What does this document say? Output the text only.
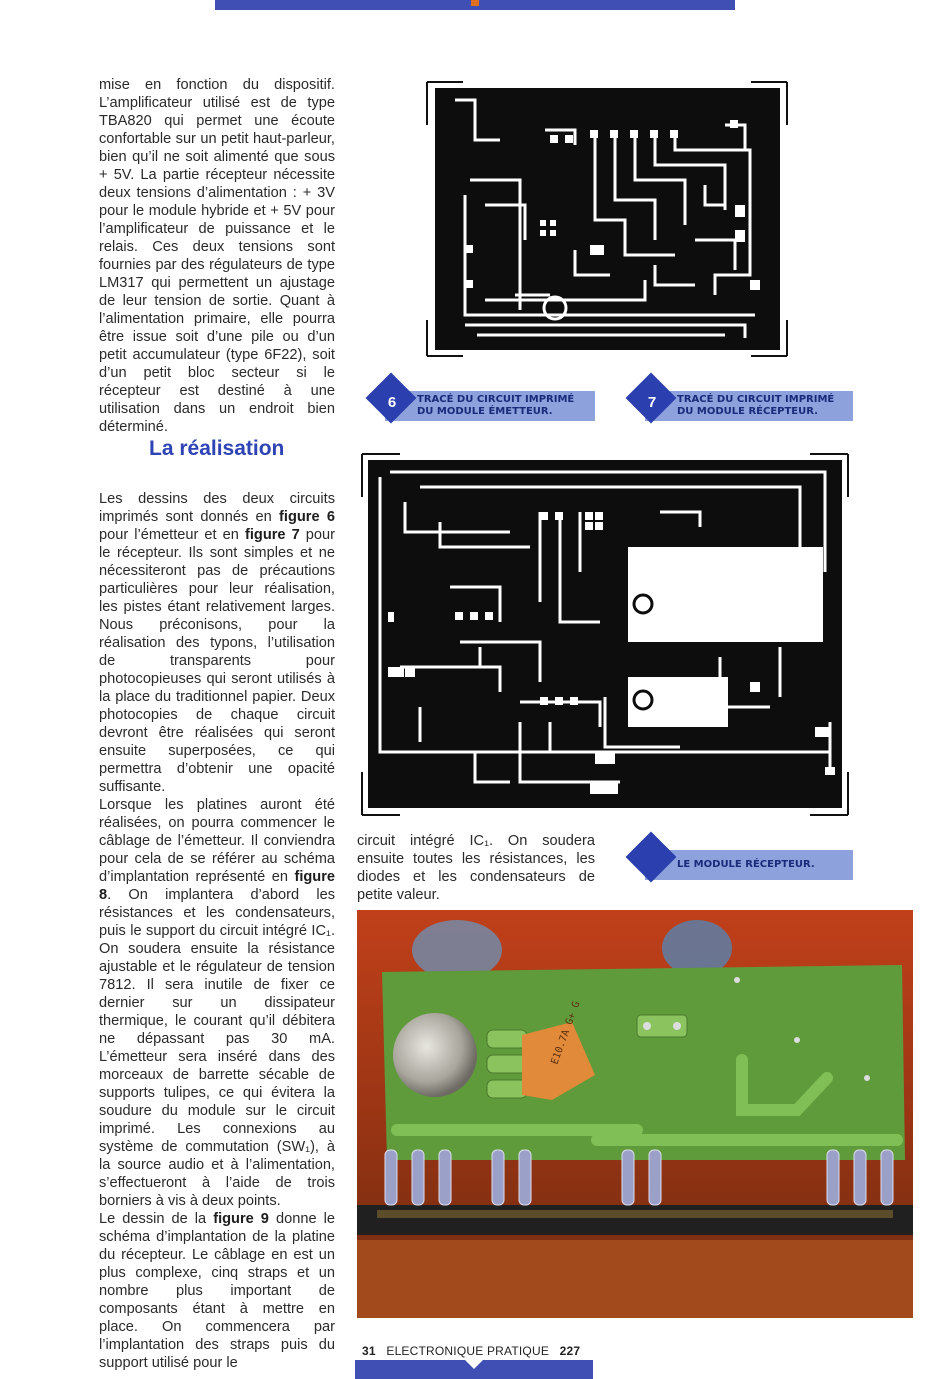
mise en fonction du dispositif. L’amplificateur utilisé est de type TBA820 qui permet une écoute confortable sur un petit haut-parleur, bien qu’il ne soit alimenté que sous + 5V. La partie récepteur nécessite deux tensions d’alimentation : + 3V pour le module hybride et + 5V pour l’amplificateur de puissance et le relais. Ces deux tensions sont fournies par des régulateurs de type LM317 qui permettent un ajustage de leur tension de sortie. Quant à l’alimentation primaire, elle pourra être issue soit d’une pile ou d’un petit accumulateur (type 6F22), soit d’un petit bloc secteur si le récepteur est destiné à une utilisation dans un endroit bien déterminé.

La réalisation

Les dessins des deux circuits imprimés sont donnés en figure 6 pour l’émetteur et en figure 7 pour le récepteur. Ils sont simples et ne nécessiteront pas de précautions particulières pour leur réalisation, les pistes étant relativement larges. Nous préconisons, pour la réalisation des typons, l’utilisation de transparents pour photocopieuses qui seront utilisés à la place du traditionnel papier. Deux photocopies de chaque circuit devront être réalisées qui seront ensuite superposées, ce qui permettra d’obtenir une opacité suffisante.

Lorsque les platines auront été réalisées, on pourra commencer le câblage de l’émetteur. Il conviendra pour cela de se référer au schéma d’implantation représenté en figure 8. On implantera d’abord les résistances et les condensateurs, puis le support du circuit intégré IC₁. On soudera ensuite la résistance ajustable et le régulateur de tension 7812. Il sera inutile de fixer ce dernier sur un dissipateur thermique, le courant qu’il débitera ne dépassant pas 30 mA. L’émetteur sera inséré dans des morceaux de barrette sécable de supports tulipes, ce qui évitera la soudure du module sur le circuit imprimé. Les connexions au système de commutation (SW₁), à la source audio et à l’alimentation, s’effectueront à l’aide de trois borniers à vis à deux points.

Le dessin de la figure 9 donne le schéma d’implantation de la platine du récepteur. Le câblage en est un plus complexe, cinq straps et un nombre plus important de composants étant à mettre en place. On commencera par l’implantation des straps puis du support utilisé pour le

circuit intégré IC₁. On soudera ensuite toutes les résistances, les diodes et les condensateurs de petite valeur.

6	TRACÉ DU CIRCUIT IMPRIMÉ
DU MODULE ÉMETTEUR.
7	TRACÉ DU CIRCUIT IMPRIMÉ
DU MODULE RÉCEPTEUR.
LE MODULE RÉCEPTEUR.
E10.7A G+ G
31 ELECTRONIQUE PRATIQUE 227
